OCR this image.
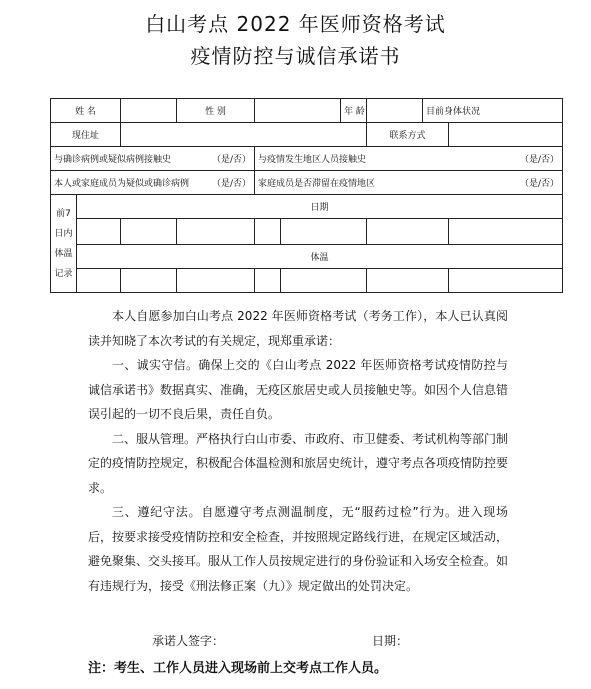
白山考点 2022 年医师资格考试
疫情防控与诚信承诺书
姓 名			性 别			年 龄		目前身体状况	
现住址							联系方式		
与确诊病例或疑似病例接触史 （是/否）				与疫情发生地区人员接触史 （是/否）					

本人或家庭成员为疑似或确诊病例 （是/否）				家庭成员是否滞留在疫情地区 （是/否）					

前7日内体温记录	日期								

	体温								

本人自愿参加白山考点 2022 年医师资格考试（考务工作），本人已认真阅读并知晓了本次考试的有关规定，现郑重承诺：

一、诚实守信。确保上交的《白山考点 2022 年医师资格考试疫情防控与诚信承诺书》数据真实、准确，无疫区旅居史或人员接触史等。如因个人信息错误引起的一切不良后果，责任自负。

二、服从管理。严格执行白山市委、市政府、市卫健委、考试机构等部门制定的疫情防控规定，积极配合体温检测和旅居史统计，遵守考点各项疫情防控要求。

三、遵纪守法。自愿遵守考点测温制度，无“服药过检”行为。进入现场后，按要求接受疫情防控和安全检查，并按照规定路线行进，在规定区域活动，避免聚集、交头接耳。服从工作人员按规定进行的身份验证和入场安全检查。如有违规行为，接受《刑法修正案（九）》规定做出的处罚决定。

承诺人签字：	日期：
注：考生、工作人员进入现场前上交考点工作人员。
